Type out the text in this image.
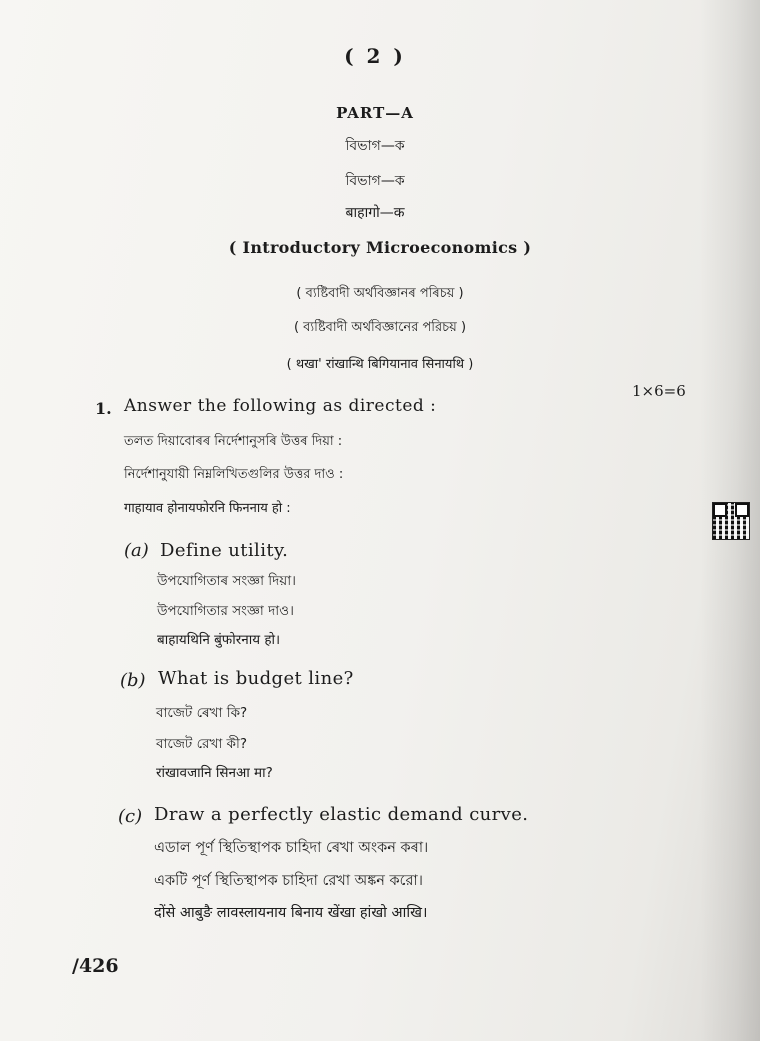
( 2 )
PART—A
বিভাগ—ক
বিভাগ—ক
बाहागो—क
( Introductory Microeconomics )
( ব্যষ্টিবাদী অর্থবিজ্ঞানৰ পৰিচয় )
( ব্যষ্টিবাদী অর্থবিজ্ঞানের পরিচয় )
( थखा' रांखान्थि बिगियानाव सिनायथि )
1×6=6
1. Answer the following as directed :
তলত দিয়াবোৰৰ নির্দেশানুসৰি উত্তৰ দিয়া :
নির্দেশানুযায়ী নিম্নলিখিতগুলির উত্তর দাও :
गाहायाव होनायफोरनि फिननाय हो :
(a) Define utility.
উপযোগিতাৰ সংজ্ঞা দিয়া।
উপযোগিতার সংজ্ঞা দাও।
बाहायथिनि बुंफोरनाय हो।
(b) What is budget line?
বাজেট ৰেখা কি?
বাজেট রেখা কী?
रांखावजानि सिनआ मा?
(c) Draw a perfectly elastic demand curve.
এডাল পূর্ণ স্থিতিস্থাপক চাহিদা ৰেখা অংকন কৰা।
একটি পূর্ণ স্থিতিস্থাপক চাহিদা রেখা অঙ্কন করো।
दोंसे आबुङै लावस्लायनाय बिनाय खेंखा हांखो आखि।
/426
